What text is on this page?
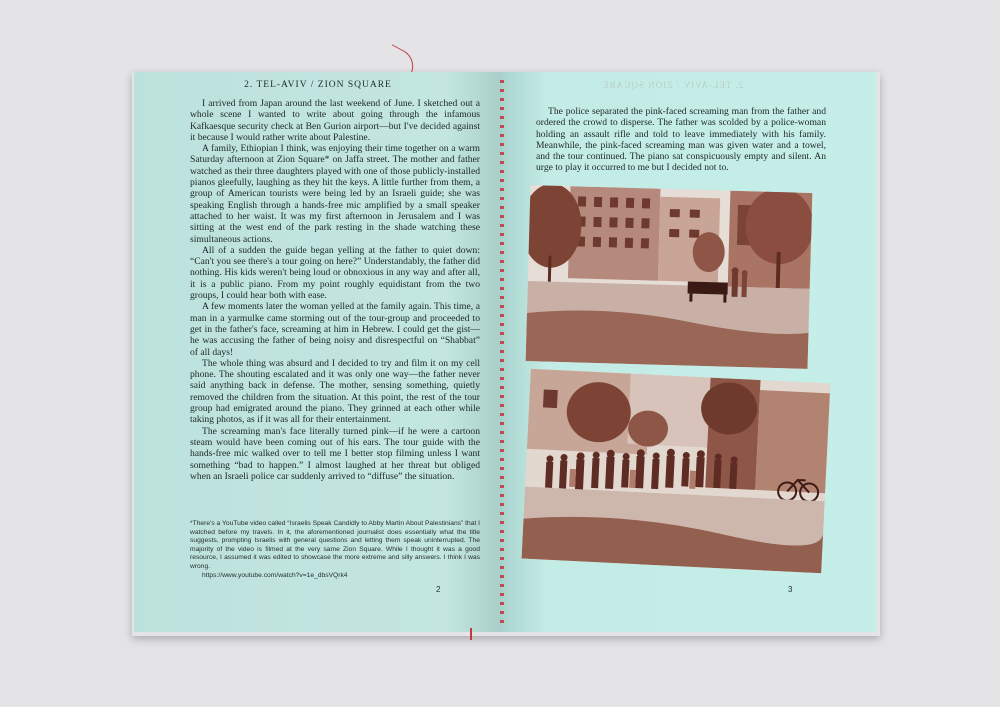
2. TEL-AVIV / ZION SQUARE

I arrived from Japan around the last weekend of June. I sketched out a whole scene I wanted to write about going through the infamous Kafkaesque security check at Ben Gurion airport—but I've decided against it because I would rather write about Palestine.

A family, Ethiopian I think, was enjoying their time together on a warm Saturday afternoon at Zion Square* on Jaffa street. The mother and father watched as their three daughters played with one of those publicly-installed pianos gleefully, laughing as they hit the keys. A little further from them, a group of American tourists were being led by an Israeli guide; she was speaking English through a hands-free mic amplified by a small speaker attached to her waist. It was my first afternoon in Jerusalem and I was sitting at the west end of the park resting in the shade watching these simultaneous actions.

All of a sudden the guide began yelling at the father to quiet down: “Can't you see there's a tour going on here?” Understandably, the father did nothing. His kids weren't being loud or obnoxious in any way and after all, it is a public piano. From my point roughly equidistant from the two groups, I could hear both with ease.

A few moments later the woman yelled at the family again. This time, a man in a yarmulke came storming out of the tour-group and proceeded to get in the father's face, screaming at him in Hebrew. I could get the gist—he was accusing the father of being noisy and disrespectful on “Shabbat” of all days!

The whole thing was absurd and I decided to try and film it on my cell phone. The shouting escalated and it was only one way—the father never said anything back in defense. The mother, sensing something, quietly removed the children from the situation. At this point, the rest of the tour group had emigrated around the piano. They grinned at each other while taking photos, as if it was all for their entertainment.

The screaming man's face literally turned pink—if he were a cartoon steam would have been coming out of his ears. The tour guide with the hands-free mic walked over to tell me I better stop filming unless I want something “bad to happen.” I almost laughed at her threat but obliged when an Israeli police car suddenly arrived to “diffuse” the situation.

*There's a YouTube video called “Israelis Speak Candidly to Abby Martin About Palestinians” that I watched before my travels. In it, the aforementioned journalist does essentially what the title suggests, prompting Israelis with general questions and letting them speak uninterrupted. The majority of the video is filmed at the very same Zion Square. While I thought it was a good resource, I assumed it was edited to showcase the more extreme and silly answers. I think I was wrong.
https://www.youtube.com/watch?v=1e_dbsVQrk4
2
2. TEL-AVIV / ZION SQUARE

The police separated the pink-faced screaming man from the father and ordered the crowd to disperse. The father was scolded by a police-woman holding an assault rifle and told to leave immediately with his family. Meanwhile, the pink-faced screaming man was given water and a towel, and the tour continued. The piano sat conspicuously empty and silent. An urge to play it occurred to me but I decided not to.

3
